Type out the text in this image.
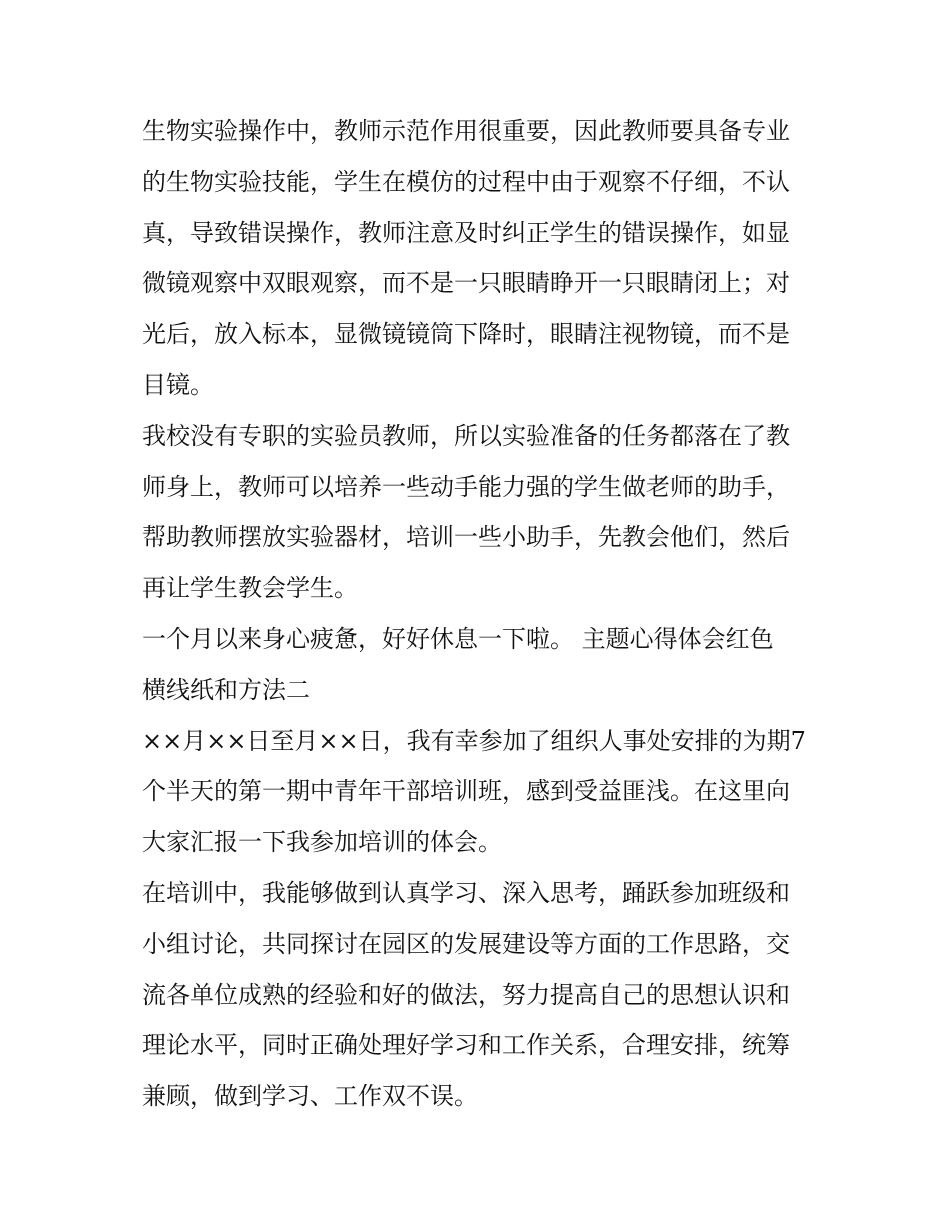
生物实验操作中，教师示范作用很重要，因此教师要具备专业
的生物实验技能，学生在模仿的过程中由于观察不仔细，不认
真，导致错误操作，教师注意及时纠正学生的错误操作，如显
微镜观察中双眼观察，而不是一只眼睛睁开一只眼睛闭上；对
光后，放入标本，显微镜镜筒下降时，眼睛注视物镜，而不是
目镜。
我校没有专职的实验员教师，所以实验准备的任务都落在了教
师身上，教师可以培养一些动手能力强的学生做老师的助手，
帮助教师摆放实验器材，培训一些小助手，先教会他们，然后
再让学生教会学生。
一个月以来身心疲惫，好好休息一下啦。 主题心得体会红色
横线纸和方法二
××月××日至月××日，我有幸参加了组织人事处安排的为期7
个半天的第一期中青年干部培训班，感到受益匪浅。在这里向
大家汇报一下我参加培训的体会。
在培训中，我能够做到认真学习、深入思考，踊跃参加班级和
小组讨论，共同探讨在园区的发展建设等方面的工作思路，交
流各单位成熟的经验和好的做法，努力提高自己的思想认识和
理论水平，同时正确处理好学习和工作关系，合理安排，统筹
兼顾，做到学习、工作双不误。
